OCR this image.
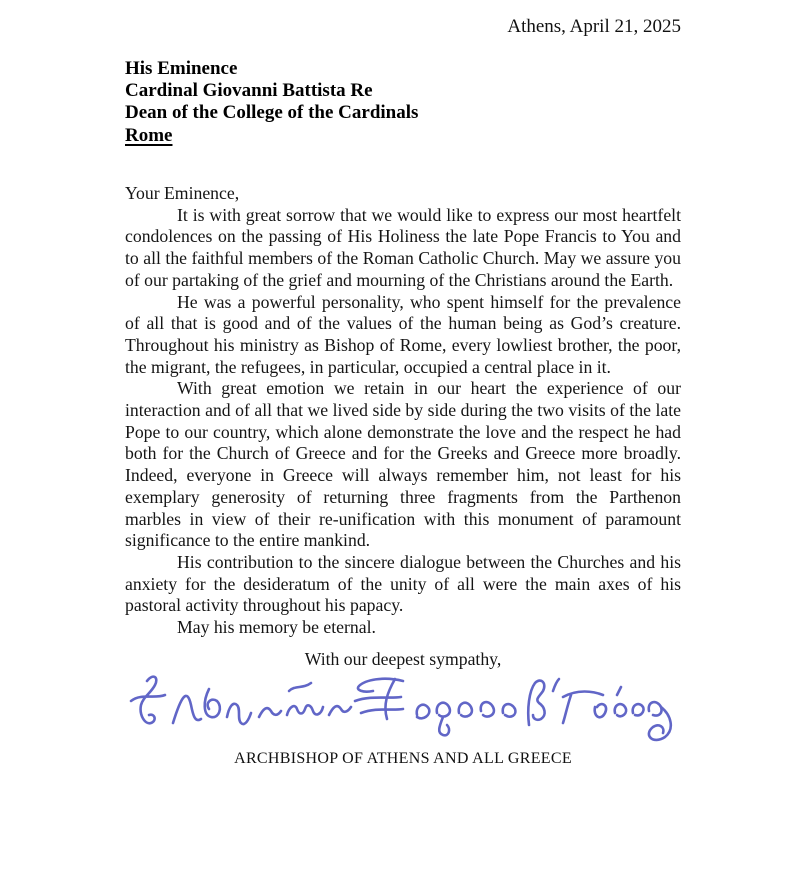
Athens, April 21, 2025
His Eminence
Cardinal Giovanni Battista Re
Dean of the College of the Cardinals
Rome

Your Eminence,

It is with great sorrow that we would like to express our most heartfelt condolences on the passing of His Holiness the late Pope Francis to You and to all the faithful members of the Roman Catholic Church. May we assure you of our partaking of the grief and mourning of the Christians around the Earth.

He was a powerful personality, who spent himself for the prevalence of all that is good and of the values of the human being as God’s creature. Throughout his ministry as Bishop of Rome, every lowliest brother, the poor, the migrant, the refugees, in particular, occupied a central place in it.

With great emotion we retain in our heart the experience of our interaction and of all that we lived side by side during the two visits of the late Pope to our country, which alone demonstrate the love and the respect he had both for the Church of Greece and for the Greeks and Greece more broadly. Indeed, everyone in Greece will always remember him, not least for his exemplary generosity of returning three fragments from the Parthenon marbles in view of their re-unification with this monument of paramount significance to the entire mankind.

His contribution to the sincere dialogue between the Churches and his anxiety for the desideratum of the unity of all were the main axes of his pastoral activity throughout his papacy.

May his memory be eternal.

With our deepest sympathy,
ARCHBISHOP OF ATHENS AND ALL GREECE
